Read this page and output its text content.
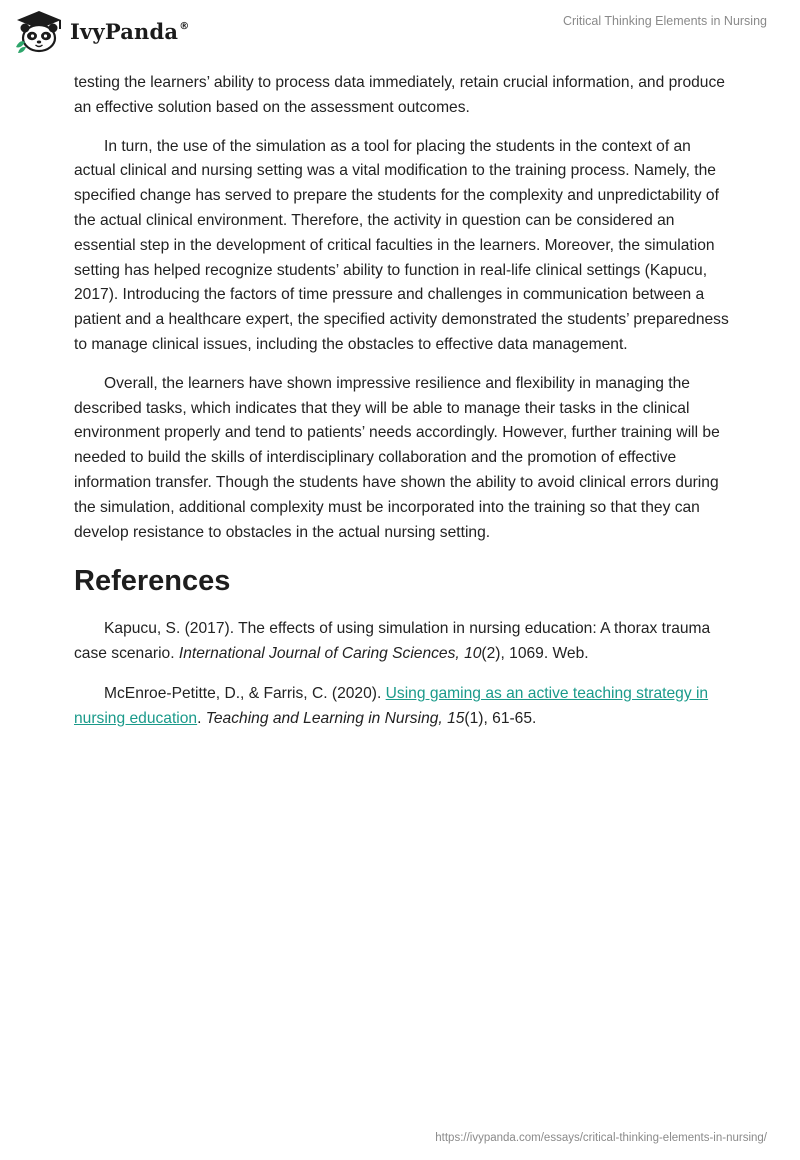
IvyPanda®	Critical Thinking Elements in Nursing

testing the learners’ ability to process data immediately, retain crucial information, and produce an effective solution based on the assessment outcomes.

In turn, the use of the simulation as a tool for placing the students in the context of an actual clinical and nursing setting was a vital modification to the training process. Namely, the specified change has served to prepare the students for the complexity and unpredictability of the actual clinical environment. Therefore, the activity in question can be considered an essential step in the development of critical faculties in the learners. Moreover, the simulation setting has helped recognize students’ ability to function in real-life clinical settings (Kapucu, 2017). Introducing the factors of time pressure and challenges in communication between a patient and a healthcare expert, the specified activity demonstrated the students’ preparedness to manage clinical issues, including the obstacles to effective data management.

Overall, the learners have shown impressive resilience and flexibility in managing the described tasks, which indicates that they will be able to manage their tasks in the clinical environment properly and tend to patients’ needs accordingly. However, further training will be needed to build the skills of interdisciplinary collaboration and the promotion of effective information transfer. Though the students have shown the ability to avoid clinical errors during the simulation, additional complexity must be incorporated into the training so that they can develop resistance to obstacles in the actual nursing setting.

References

Kapucu, S. (2017). The effects of using simulation in nursing education: A thorax trauma case scenario. International Journal of Caring Sciences, 10(2), 1069. Web.

McEnroe-Petitte, D., & Farris, C. (2020). Using gaming as an active teaching strategy in nursing education. Teaching and Learning in Nursing, 15(1), 61-65.

https://ivypanda.com/essays/critical-thinking-elements-in-nursing/
